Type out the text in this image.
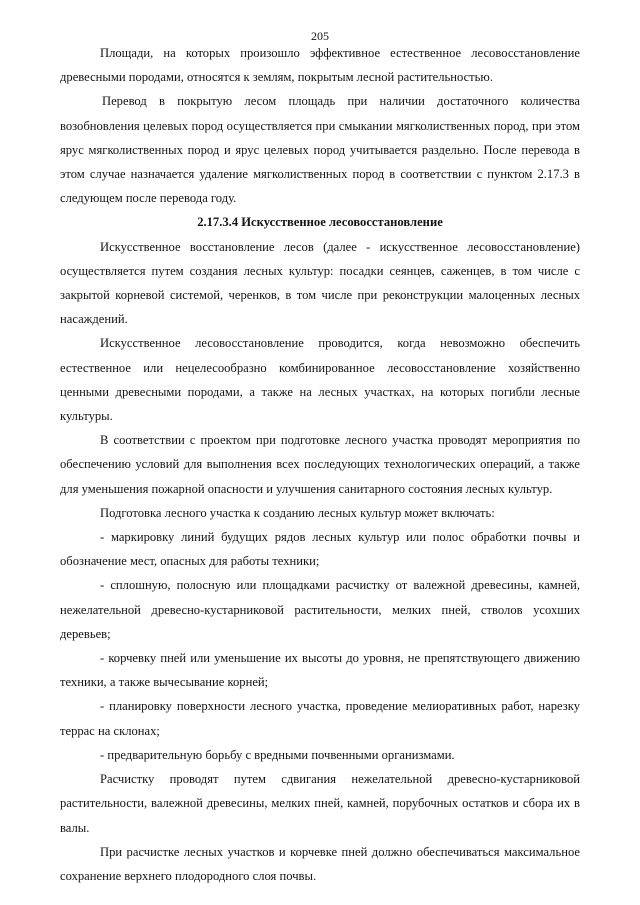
205

Площади, на которых произошло эффективное естественное лесовосстановление древесными породами, относятся к землям, покрытым лесной растительностью.

Перевод в покрытую лесом площадь при наличии достаточного количества возобновления целевых пород осуществляется при смыкании мягколиственных пород, при этом ярус мягколиственных пород и ярус целевых пород учитывается раздельно. После перевода в этом случае назначается удаление мягколиственных пород в соответствии с пунктом 2.17.3 в следующем после перевода году.

2.17.3.4 Искусственное лесовосстановление

Искусственное восстановление лесов (далее - искусственное лесовосстановление) осуществляется путем создания лесных культур: посадки сеянцев, саженцев, в том числе с закрытой корневой системой, черенков, в том числе при реконструкции малоценных лесных насаждений.

Искусственное лесовосстановление проводится, когда невозможно обеспечить естественное или нецелесообразно комбинированное лесовосстановление хозяйственно ценными древесными породами, а также на лесных участках, на которых погибли лесные культуры.

В соответствии с проектом при подготовке лесного участка проводят мероприятия по обеспечению условий для выполнения всех последующих технологических операций, а также для уменьшения пожарной опасности и улучшения санитарного состояния лесных культур.

Подготовка лесного участка к созданию лесных культур может включать:

- маркировку линий будущих рядов лесных культур или полос обработки почвы и обозначение мест, опасных для работы техники;

- сплошную, полосную или площадками расчистку от валежной древесины, камней, нежелательной древесно-кустарниковой растительности, мелких пней, стволов усохших деревьев;

- корчевку пней или уменьшение их высоты до уровня, не препятствующего движению техники, а также вычесывание корней;

- планировку поверхности лесного участка, проведение мелиоративных работ, нарезку террас на склонах;

- предварительную борьбу с вредными почвенными организмами.

Расчистку проводят путем сдвигания нежелательной древесно-кустарниковой растительности, валежной древесины, мелких пней, камней, порубочных остатков и сбора их в валы.

При расчистке лесных участков и корчевке пней должно обеспечиваться максимальное сохранение верхнего плодородного слоя почвы.
